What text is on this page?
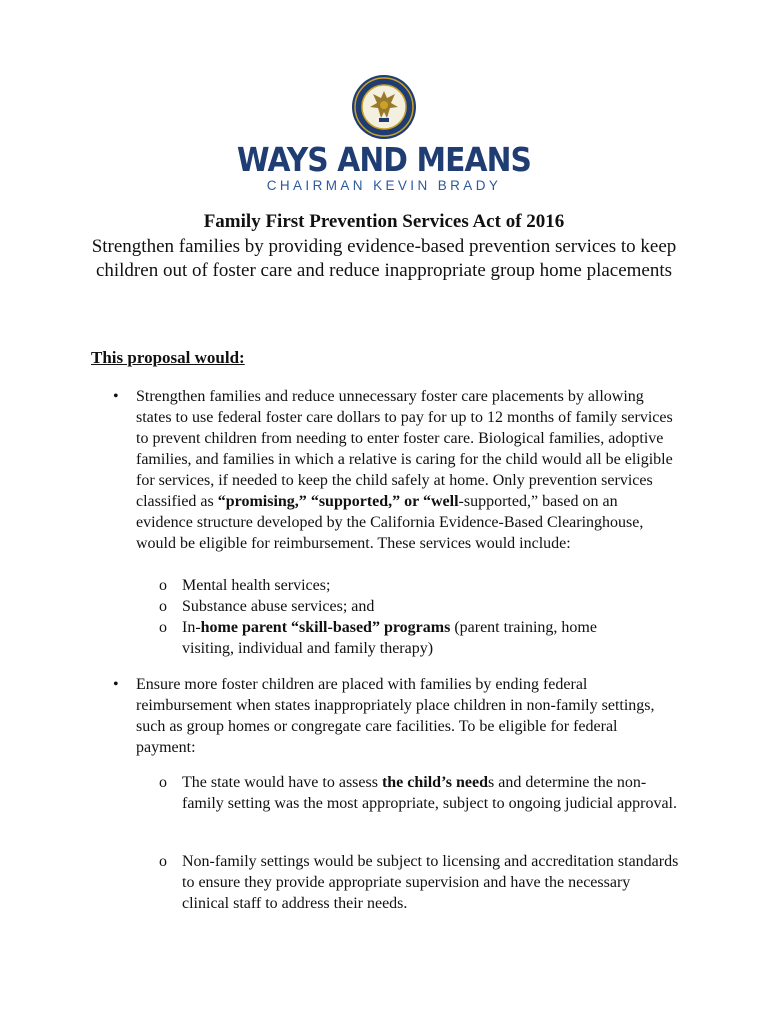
WAYS AND MEANS
CHAIRMAN KEVIN BRADY
Family First Prevention Services Act of 2016
Strengthen families by providing evidence-based prevention services to keep children out of foster care and reduce inappropriate group home placements
This proposal would:
• Strengthen families and reduce unnecessary foster care placements by allowing states to use federal foster care dollars to pay for up to 12 months of family services to prevent children from needing to enter foster care. Biological families, adoptive families, and families in which a relative is caring for the child would all be eligible for services, if needed to keep the child safely at home. Only prevention services classified as “promising,” “supported,” or “well-supported,” based on an evidence structure developed by the California Evidence-Based Clearinghouse, would be eligible for reimbursement. These services would include:
o Mental health services;
o Substance abuse services; and
o In-home parent “skill-based” programs (parent training, home visiting, individual and family therapy)
• Ensure more foster children are placed with families by ending federal reimbursement when states inappropriately place children in non-family settings, such as group homes or congregate care facilities. To be eligible for federal payment:
o The state would have to assess the child’s needs and determine the non-family setting was the most appropriate, subject to ongoing judicial approval.
o Non-family settings would be subject to licensing and accreditation standards to ensure they provide appropriate supervision and have the necessary clinical staff to address their needs.
